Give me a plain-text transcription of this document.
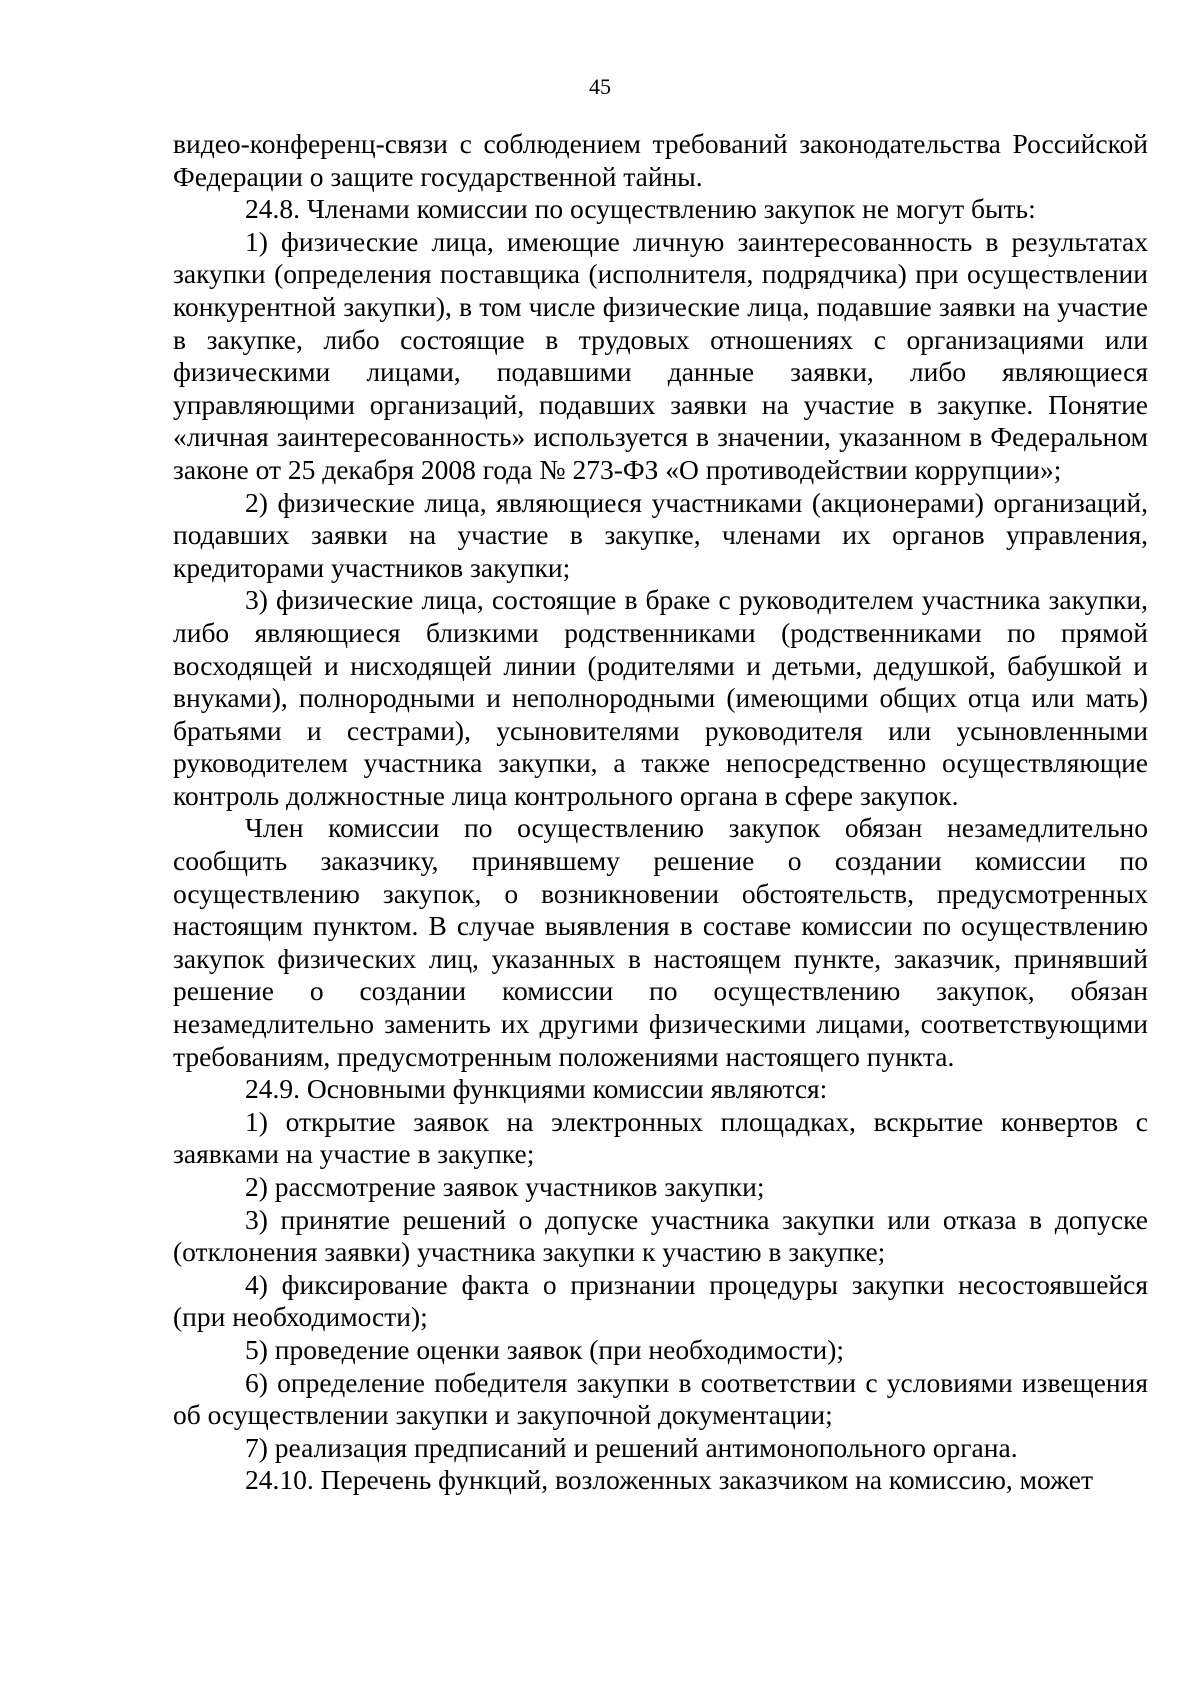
45

видео-конференц-связи с соблюдением требований законодательства Российской Федерации о защите государственной тайны.

24.8. Членами комиссии по осуществлению закупок не могут быть:

1) физические лица, имеющие личную заинтересованность в результатах закупки (определения поставщика (исполнителя, подрядчика) при осуществлении конкурентной закупки), в том числе физические лица, подавшие заявки на участие в закупке, либо состоящие в трудовых отношениях с организациями или физическими лицами, подавшими данные заявки, либо являющиеся управляющими организаций, подавших заявки на участие в закупке. Понятие «личная заинтересованность» используется в значении, указанном в Федеральном законе от 25 декабря 2008 года № 273-ФЗ «О противодействии коррупции»;

2) физические лица, являющиеся участниками (акционерами) организаций, подавших заявки на участие в закупке, членами их органов управления, кредиторами участников закупки;

3) физические лица, состоящие в браке с руководителем участника закупки, либо являющиеся близкими родственниками (родственниками по прямой восходящей и нисходящей линии (родителями и детьми, дедушкой, бабушкой и внуками), полнородными и неполнородными (имеющими общих отца или мать) братьями и сестрами), усыновителями руководителя или усыновленными руководителем участника закупки, а также непосредственно осуществляющие контроль должностные лица контрольного органа в сфере закупок.

Член комиссии по осуществлению закупок обязан незамедлительно сообщить заказчику, принявшему решение о создании комиссии по осуществлению закупок, о возникновении обстоятельств, предусмотренных настоящим пунктом. В случае выявления в составе комиссии по осуществлению закупок физических лиц, указанных в настоящем пункте, заказчик, принявший решение о создании комиссии по осуществлению закупок, обязан незамедлительно заменить их другими физическими лицами, соответствующими требованиям, предусмотренным положениями настоящего пункта.

24.9. Основными функциями комиссии являются:

1) открытие заявок на электронных площадках, вскрытие конвертов с заявками на участие в закупке;

2) рассмотрение заявок участников закупки;

3) принятие решений о допуске участника закупки или отказа в допуске (отклонения заявки) участника закупки к участию в закупке;

4) фиксирование факта о признании процедуры закупки несостоявшейся (при необходимости);

5) проведение оценки заявок (при необходимости);

6) определение победителя закупки в соответствии с условиями извещения об осуществлении закупки и закупочной документации;

7) реализация предписаний и решений антимонопольного органа.

24.10. Перечень функций, возложенных заказчиком на комиссию, может
